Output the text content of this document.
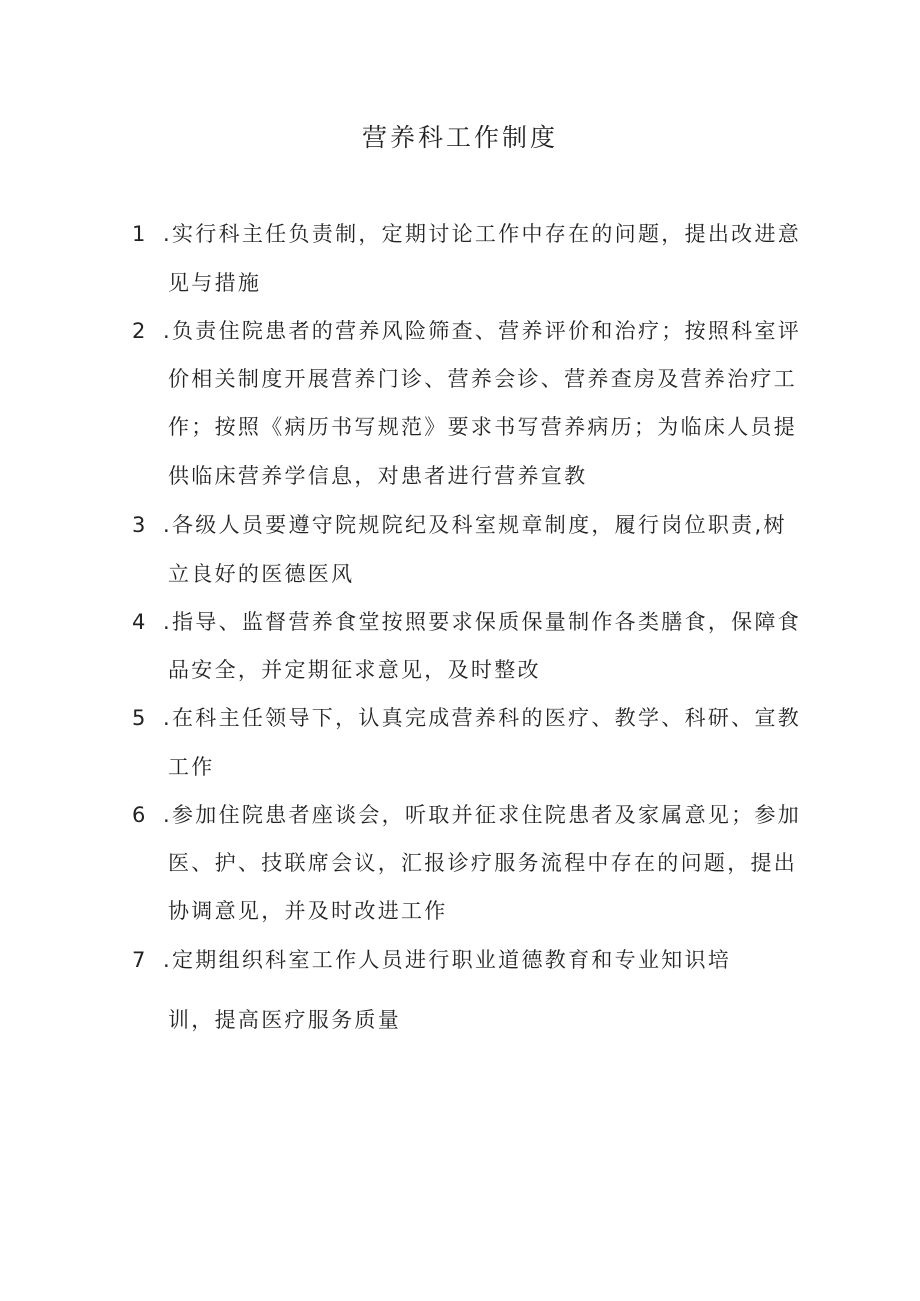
营养科工作制度
1 .实行科主任负责制，定期讨论工作中存在的问题，提出改进意
见与措施
2 .负责住院患者的营养风险筛查、营养评价和治疗；按照科室评
价相关制度开展营养门诊、营养会诊、营养查房及营养治疗工
作；按照《病历书写规范》要求书写营养病历；为临床人员提
供临床营养学信息，对患者进行营养宣教
3 .各级人员要遵守院规院纪及科室规章制度，履行岗位职责,树
立良好的医德医风
4 .指导、监督营养食堂按照要求保质保量制作各类膳食，保障食
品安全，并定期征求意见，及时整改
5 .在科主任领导下，认真完成营养科的医疗、教学、科研、宣教
工作
6 .参加住院患者座谈会，听取并征求住院患者及家属意见；参加
医、护、技联席会议，汇报诊疗服务流程中存在的问题，提出
协调意见，并及时改进工作
7 .定期组织科室工作人员进行职业道德教育和专业知识培
训，提高医疗服务质量
